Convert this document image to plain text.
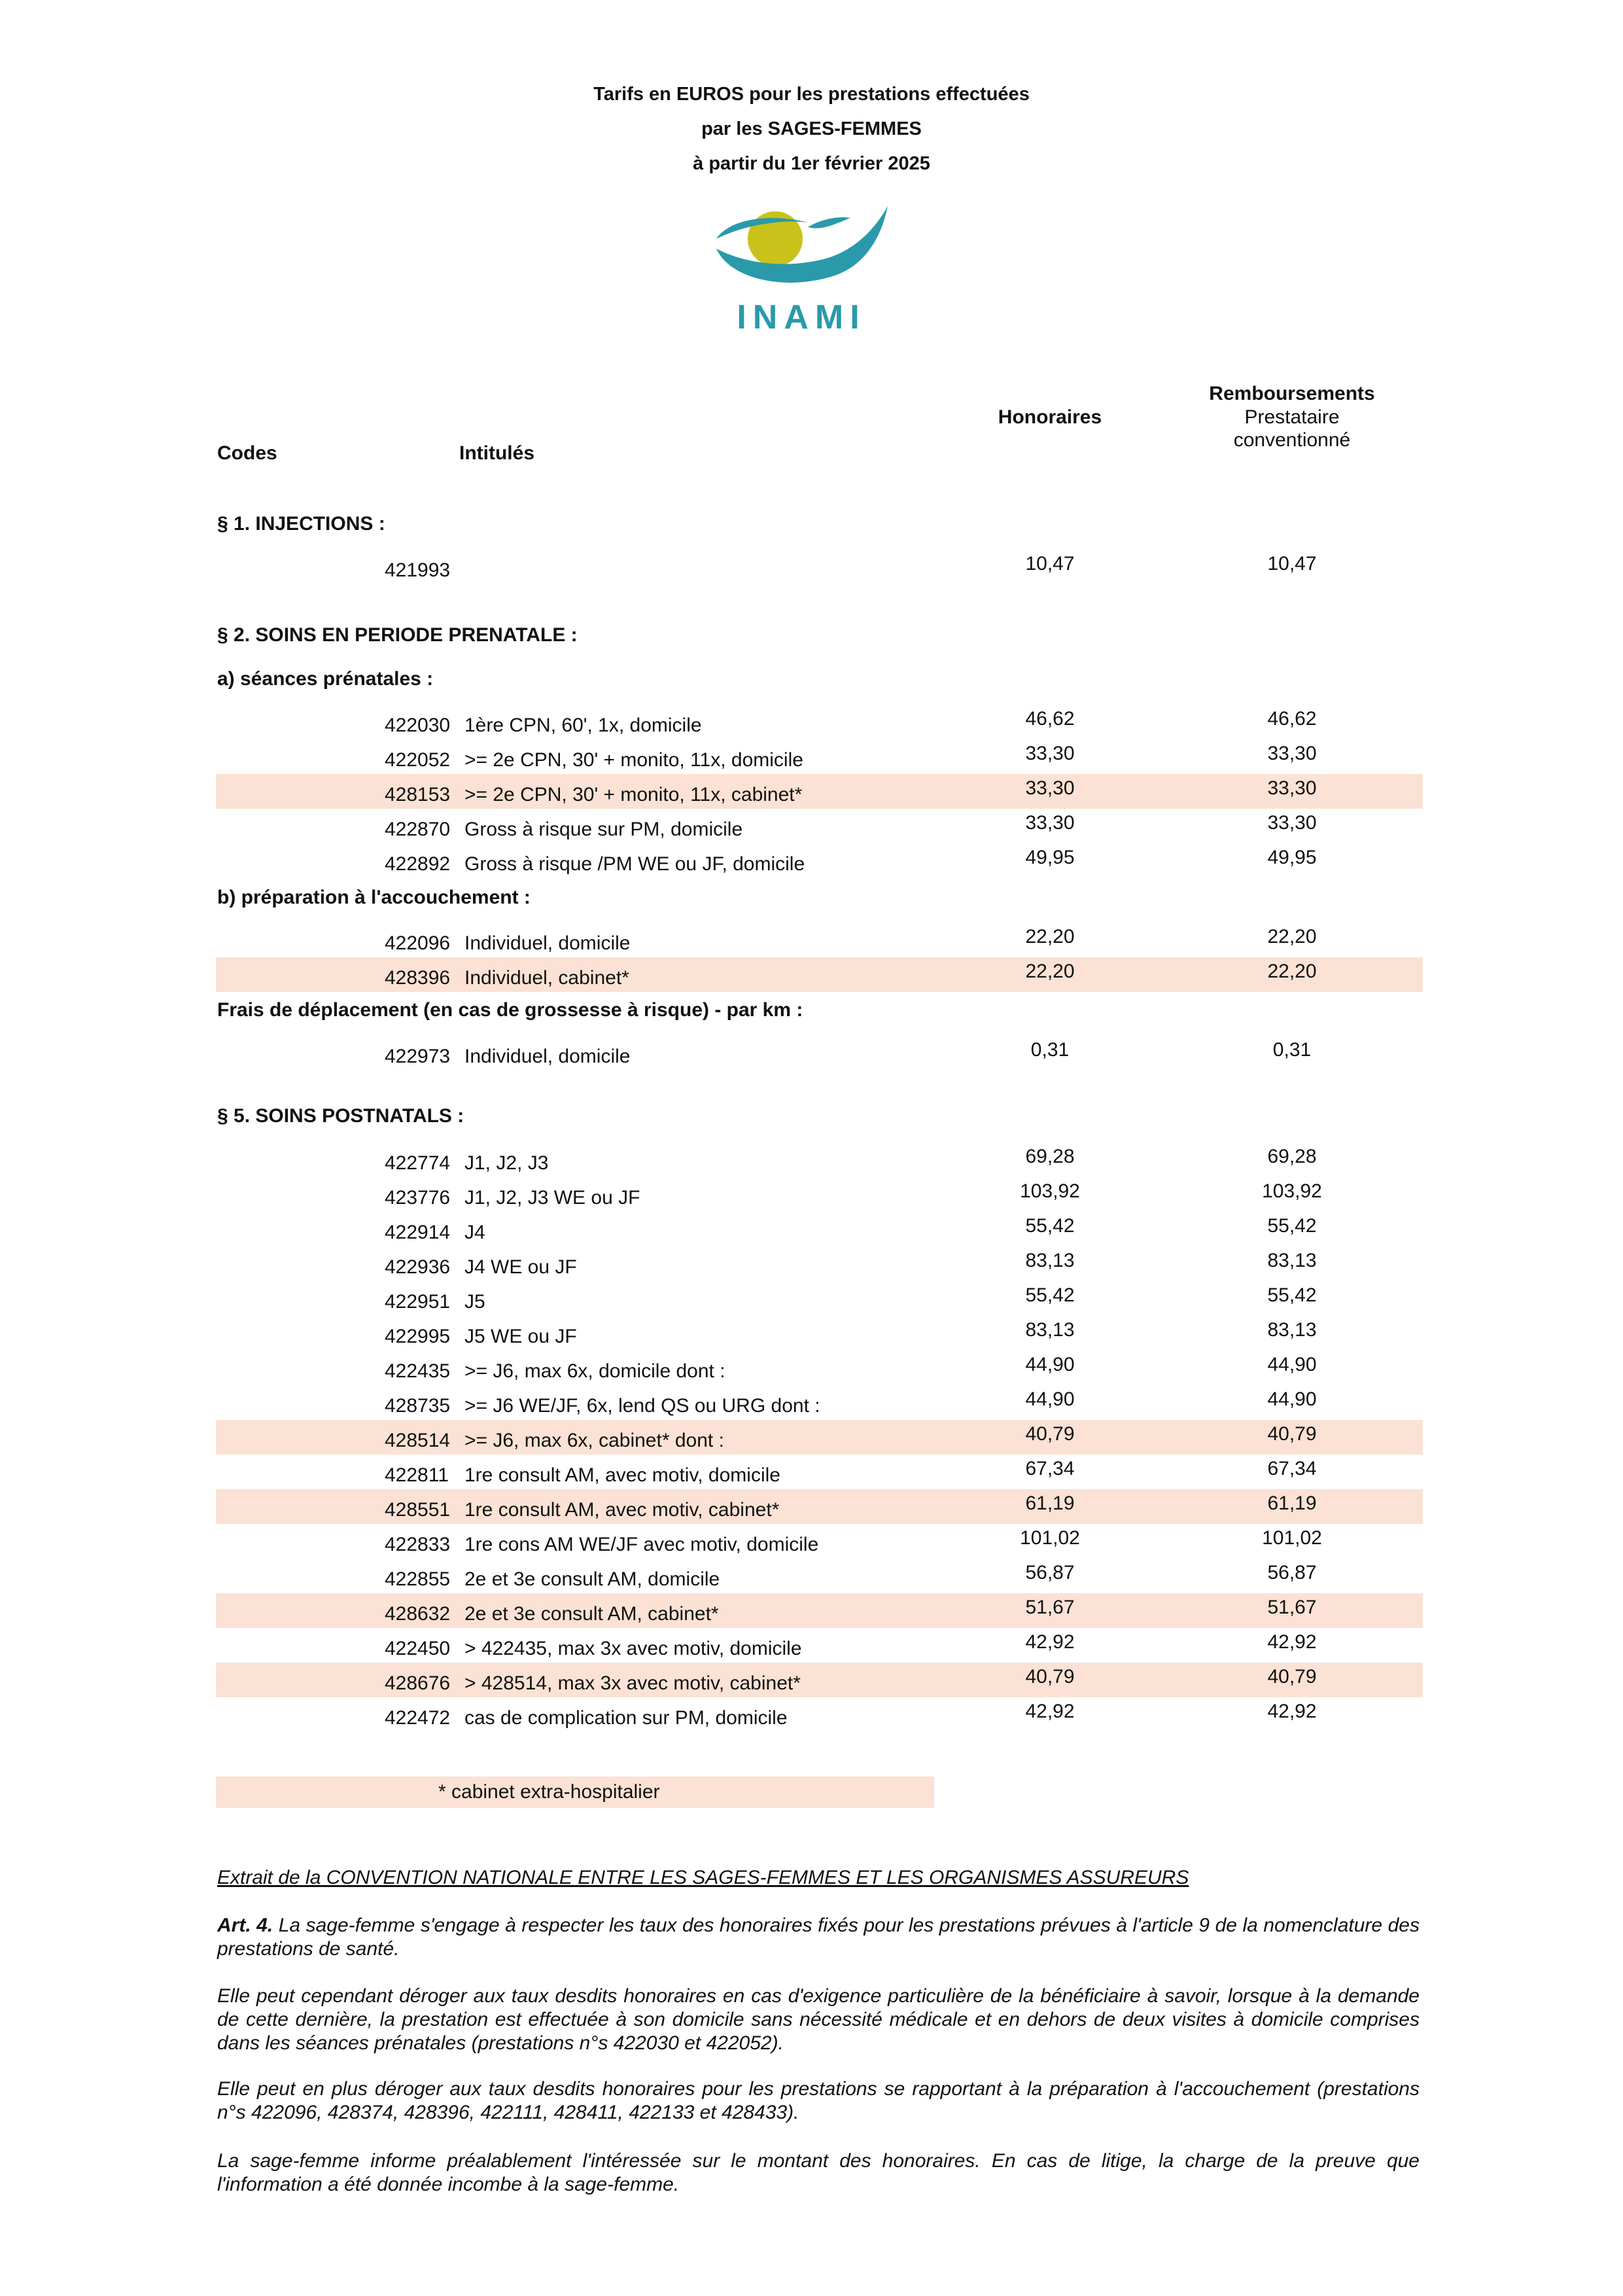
Tarifs en EUROS pour les prestations effectuées
par les SAGES-FEMMES
à partir du 1er février 2025
INAMI
Codes	Intitulés
Honoraires
Remboursements
Prestataire
conventionné
§ 1. INJECTIONS :
§ 2. SOINS EN PERIODE PRENATALE :
a) séances prénatales :
b) préparation à l'accouchement :
Frais de déplacement (en cas de grossesse à risque) - par km :
§ 5. SOINS POSTNATALS :
421993	10,47	10,47
422030 1ère CPN, 60', 1x, domicile	46,62	46,62
422052 >= 2e CPN, 30' + monito, 11x, domicile	33,30	33,30
428153 >= 2e CPN, 30' + monito, 11x, cabinet*	33,30	33,30
422870 Gross à risque sur PM, domicile	33,30	33,30
422892 Gross à risque /PM WE ou JF, domicile	49,95	49,95
422096 Individuel, domicile	22,20	22,20
428396 Individuel, cabinet*	22,20	22,20
422973 Individuel, domicile	0,31	0,31
422774 J1, J2, J3	69,28	69,28
423776 J1, J2, J3 WE ou JF	103,92	103,92
422914 J4	55,42	55,42
422936 J4 WE ou JF	83,13	83,13
422951 J5	55,42	55,42
422995 J5 WE ou JF	83,13	83,13
422435 >= J6, max 6x, domicile dont :	44,90	44,90
428735 >= J6 WE/JF, 6x, lend QS ou URG dont :	44,90	44,90
428514 >= J6, max 6x, cabinet* dont :	40,79	40,79
422811 1re consult AM, avec motiv, domicile	67,34	67,34
428551 1re consult AM, avec motiv, cabinet*	61,19	61,19
422833 1re cons AM WE/JF avec motiv, domicile	101,02	101,02
422855 2e et 3e consult AM, domicile	56,87	56,87
428632 2e et 3e consult AM, cabinet*	51,67	51,67
422450 > 422435, max 3x avec motiv, domicile	42,92	42,92
428676 > 428514, max 3x avec motiv, cabinet*	40,79	40,79
422472 cas de complication sur PM, domicile	42,92	42,92
* cabinet extra-hospitalier
Extrait de la CONVENTION NATIONALE ENTRE LES SAGES-FEMMES ET LES ORGANISMES ASSUREURS

Art. 4. La sage-femme s'engage à respecter les taux des honoraires fixés pour les prestations prévues à l'article 9 de la nomenclature des prestations de santé.

Elle peut cependant déroger aux taux desdits honoraires en cas d'exigence particulière de la bénéficiaire à savoir, lorsque à la demande de cette dernière, la prestation est effectuée à son domicile sans nécessité médicale et en dehors de deux visites à domicile comprises dans les séances prénatales (prestations n°s 422030 et 422052).

Elle peut en plus déroger aux taux desdits honoraires pour les prestations se rapportant à la préparation à l'accouchement (prestations n°s 422096, 428374, 428396, 422111, 428411, 422133 et 428433).

La sage-femme informe préalablement l'intéressée sur le montant des honoraires. En cas de litige, la charge de la preuve que l'information a été donnée incombe à la sage-femme.
